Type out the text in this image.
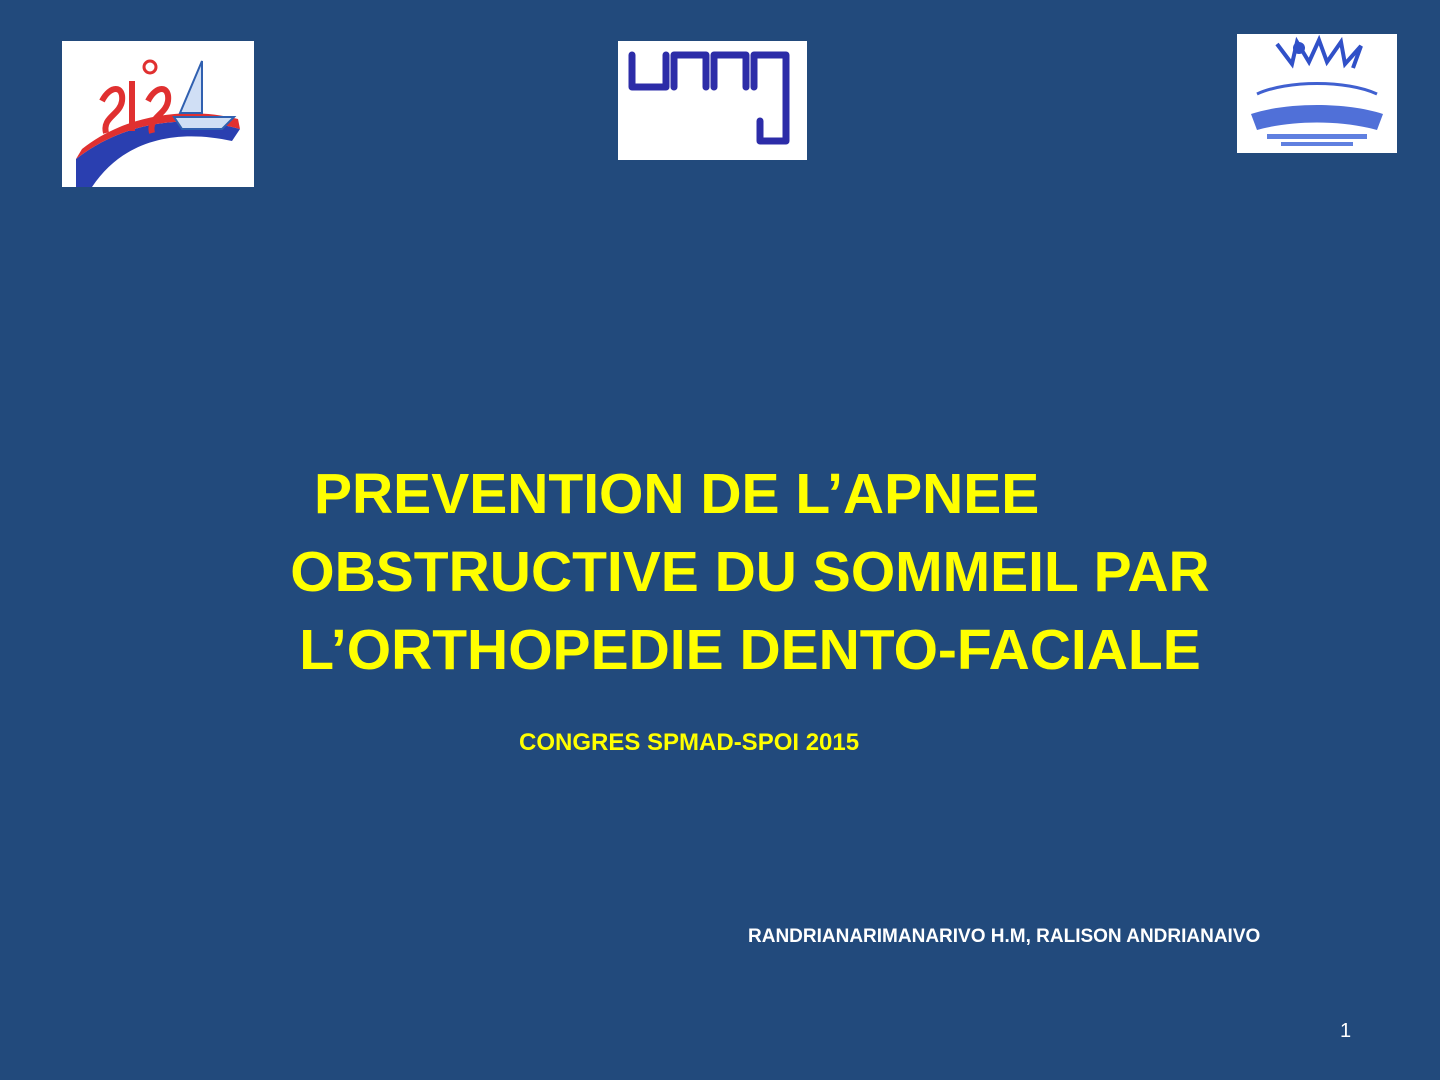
PREVENTION DE L’APNEE
OBSTRUCTIVE DU SOMMEIL PAR
L’ORTHOPEDIE DENTO-FACIALE
CONGRES SPMAD-SPOI 2015
RANDRIANARIMANARIVO H.M, RALISON ANDRIANAIVO
1
